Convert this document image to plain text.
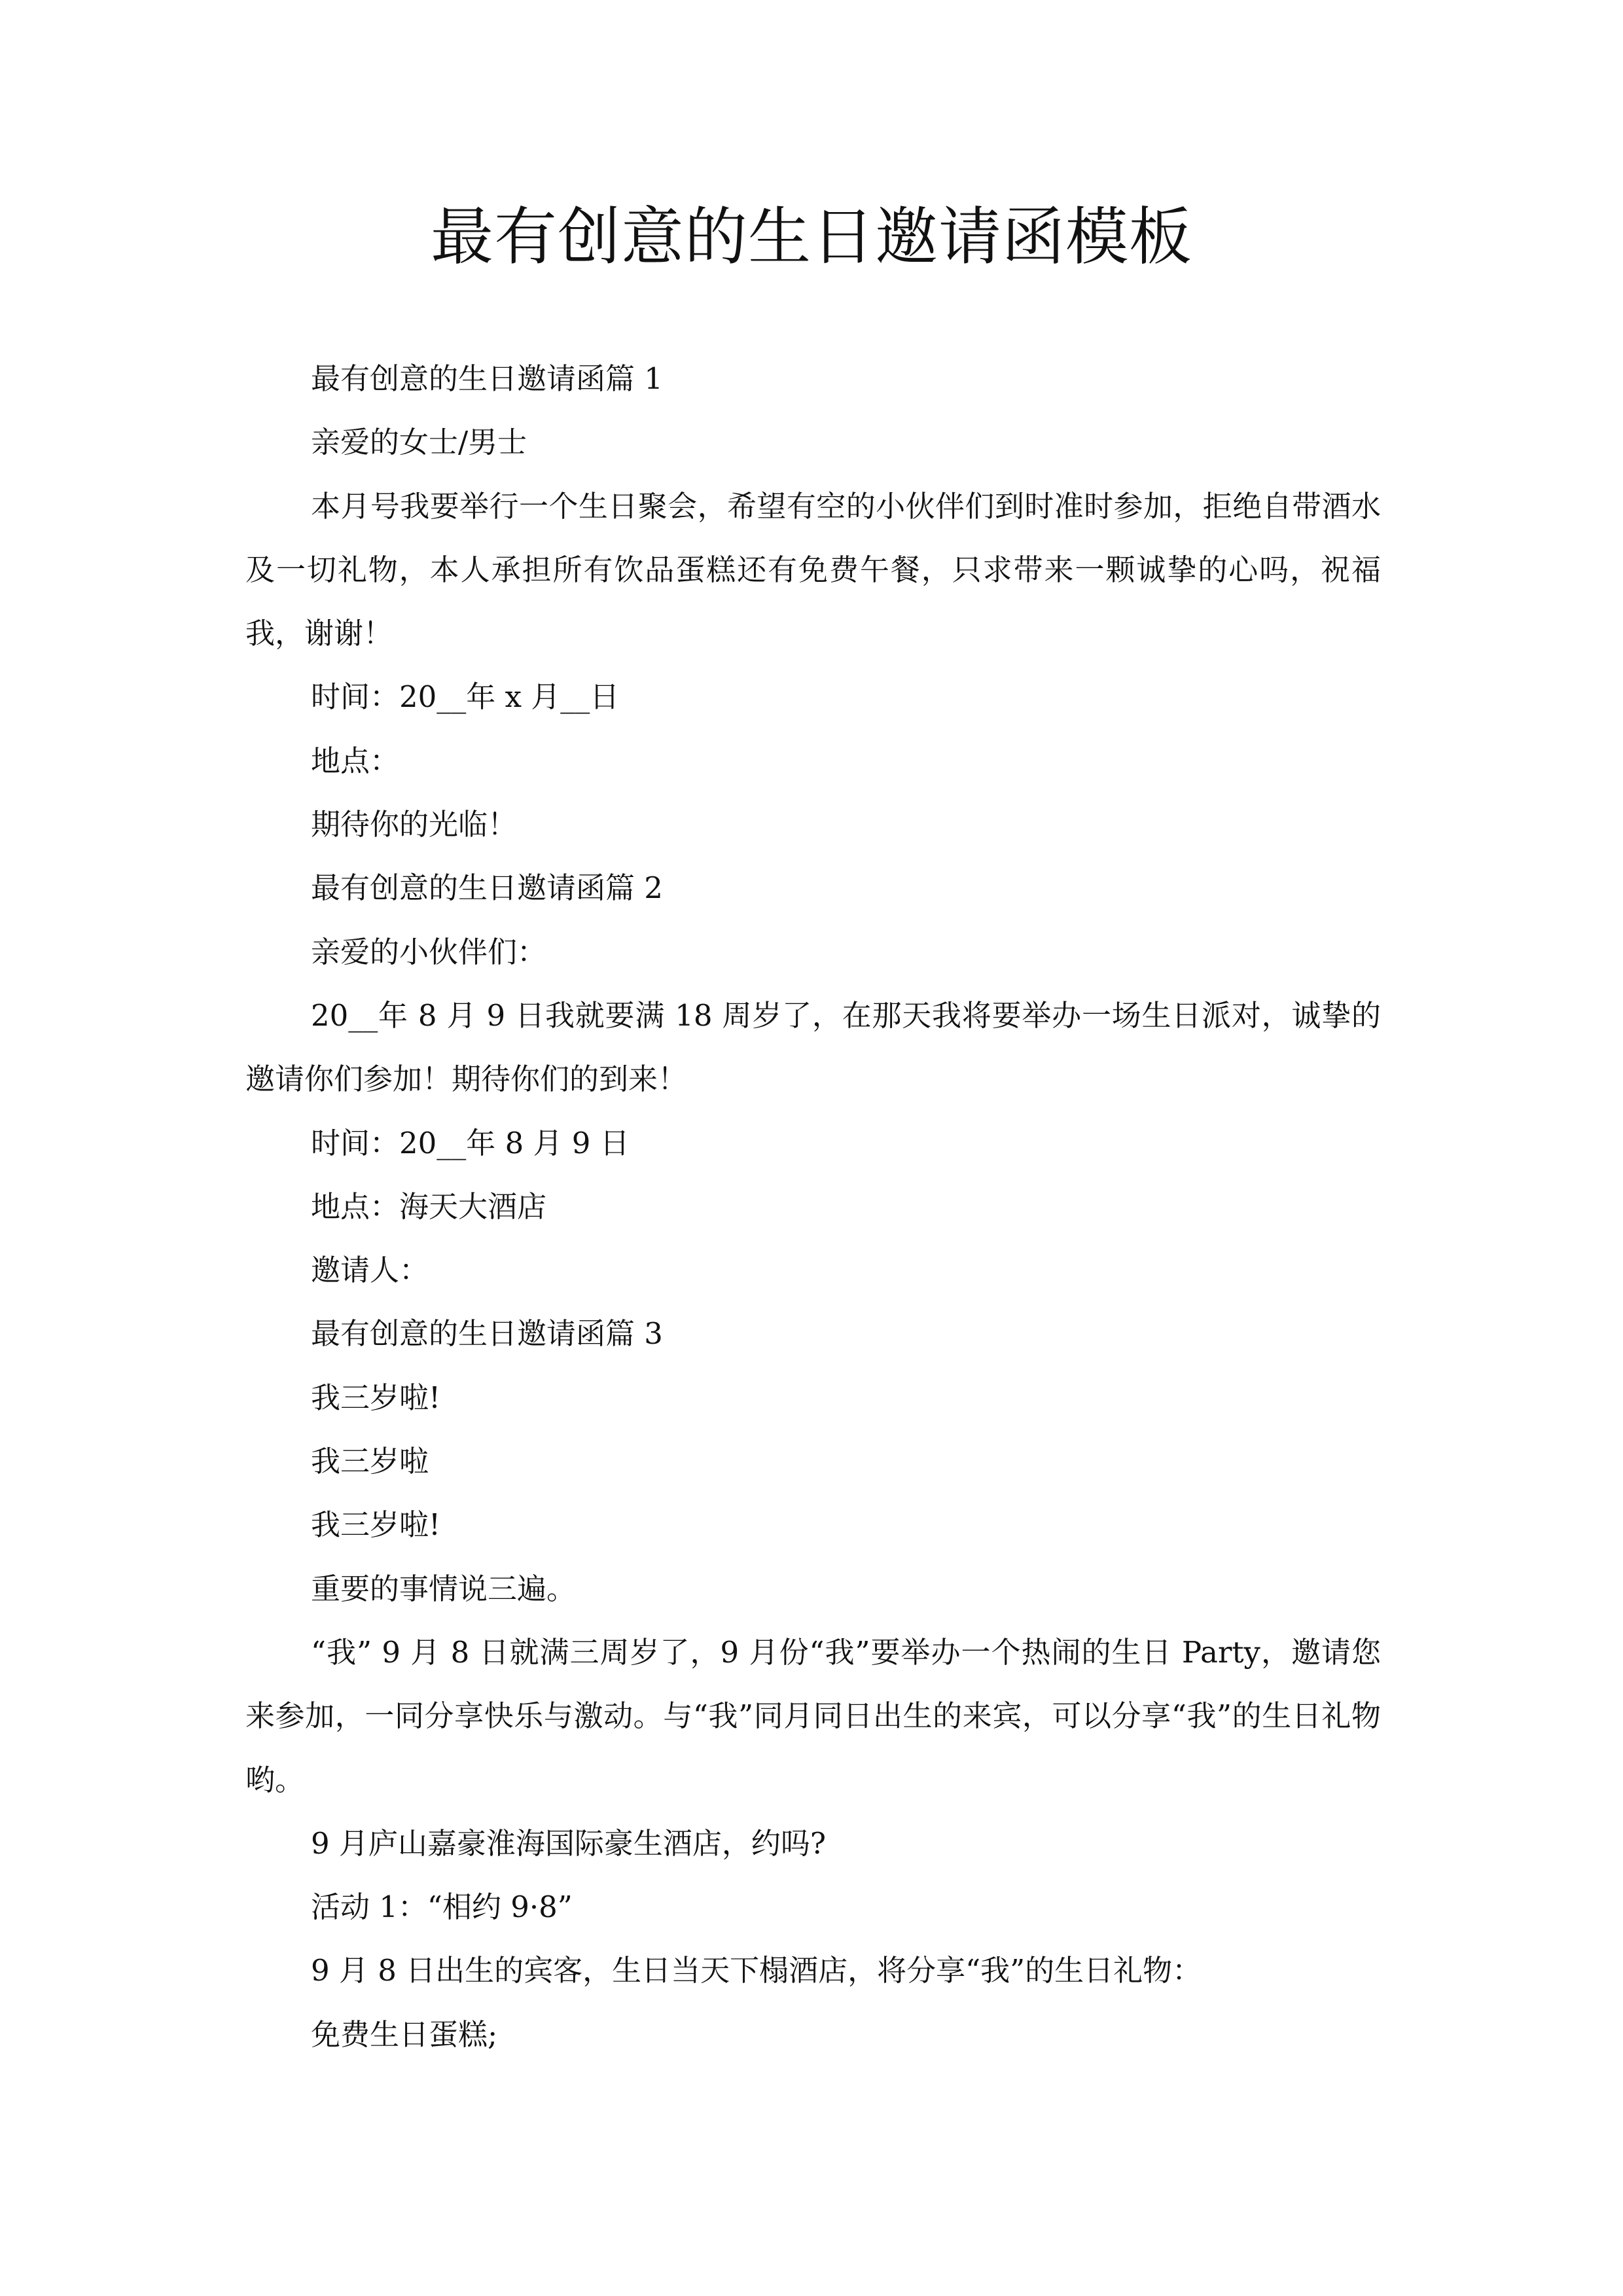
最有创意的生日邀请函模板

最有创意的生日邀请函篇 1

亲爱的女士/男士

本月号我要举行一个生日聚会，希望有空的小伙伴们到时准时参加，拒绝自带酒水及一切礼物，本人承担所有饮品蛋糕还有免费午餐，只求带来一颗诚挚的心吗，祝福我，谢谢！

时间：20__年 x 月__日

地点：

期待你的光临！

最有创意的生日邀请函篇 2

亲爱的小伙伴们：

20__年 8 月 9 日我就要满 18 周岁了，在那天我将要举办一场生日派对，诚挚的邀请你们参加！期待你们的到来！

时间：20__年 8 月 9 日

地点：海天大酒店

邀请人：

最有创意的生日邀请函篇 3

我三岁啦!

我三岁啦

我三岁啦!

重要的事情说三遍。

“我” 9 月 8 日就满三周岁了，9 月份“我”要举办一个热闹的生日 Party，邀请您来参加，一同分享快乐与激动。与“我”同月同日出生的来宾，可以分享“我”的生日礼物哟。

9 月庐山嘉豪淮海国际豪生酒店，约吗?

活动 1：“相约 9·8”

9 月 8 日出生的宾客，生日当天下榻酒店，将分享“我”的生日礼物：

免费生日蛋糕;
